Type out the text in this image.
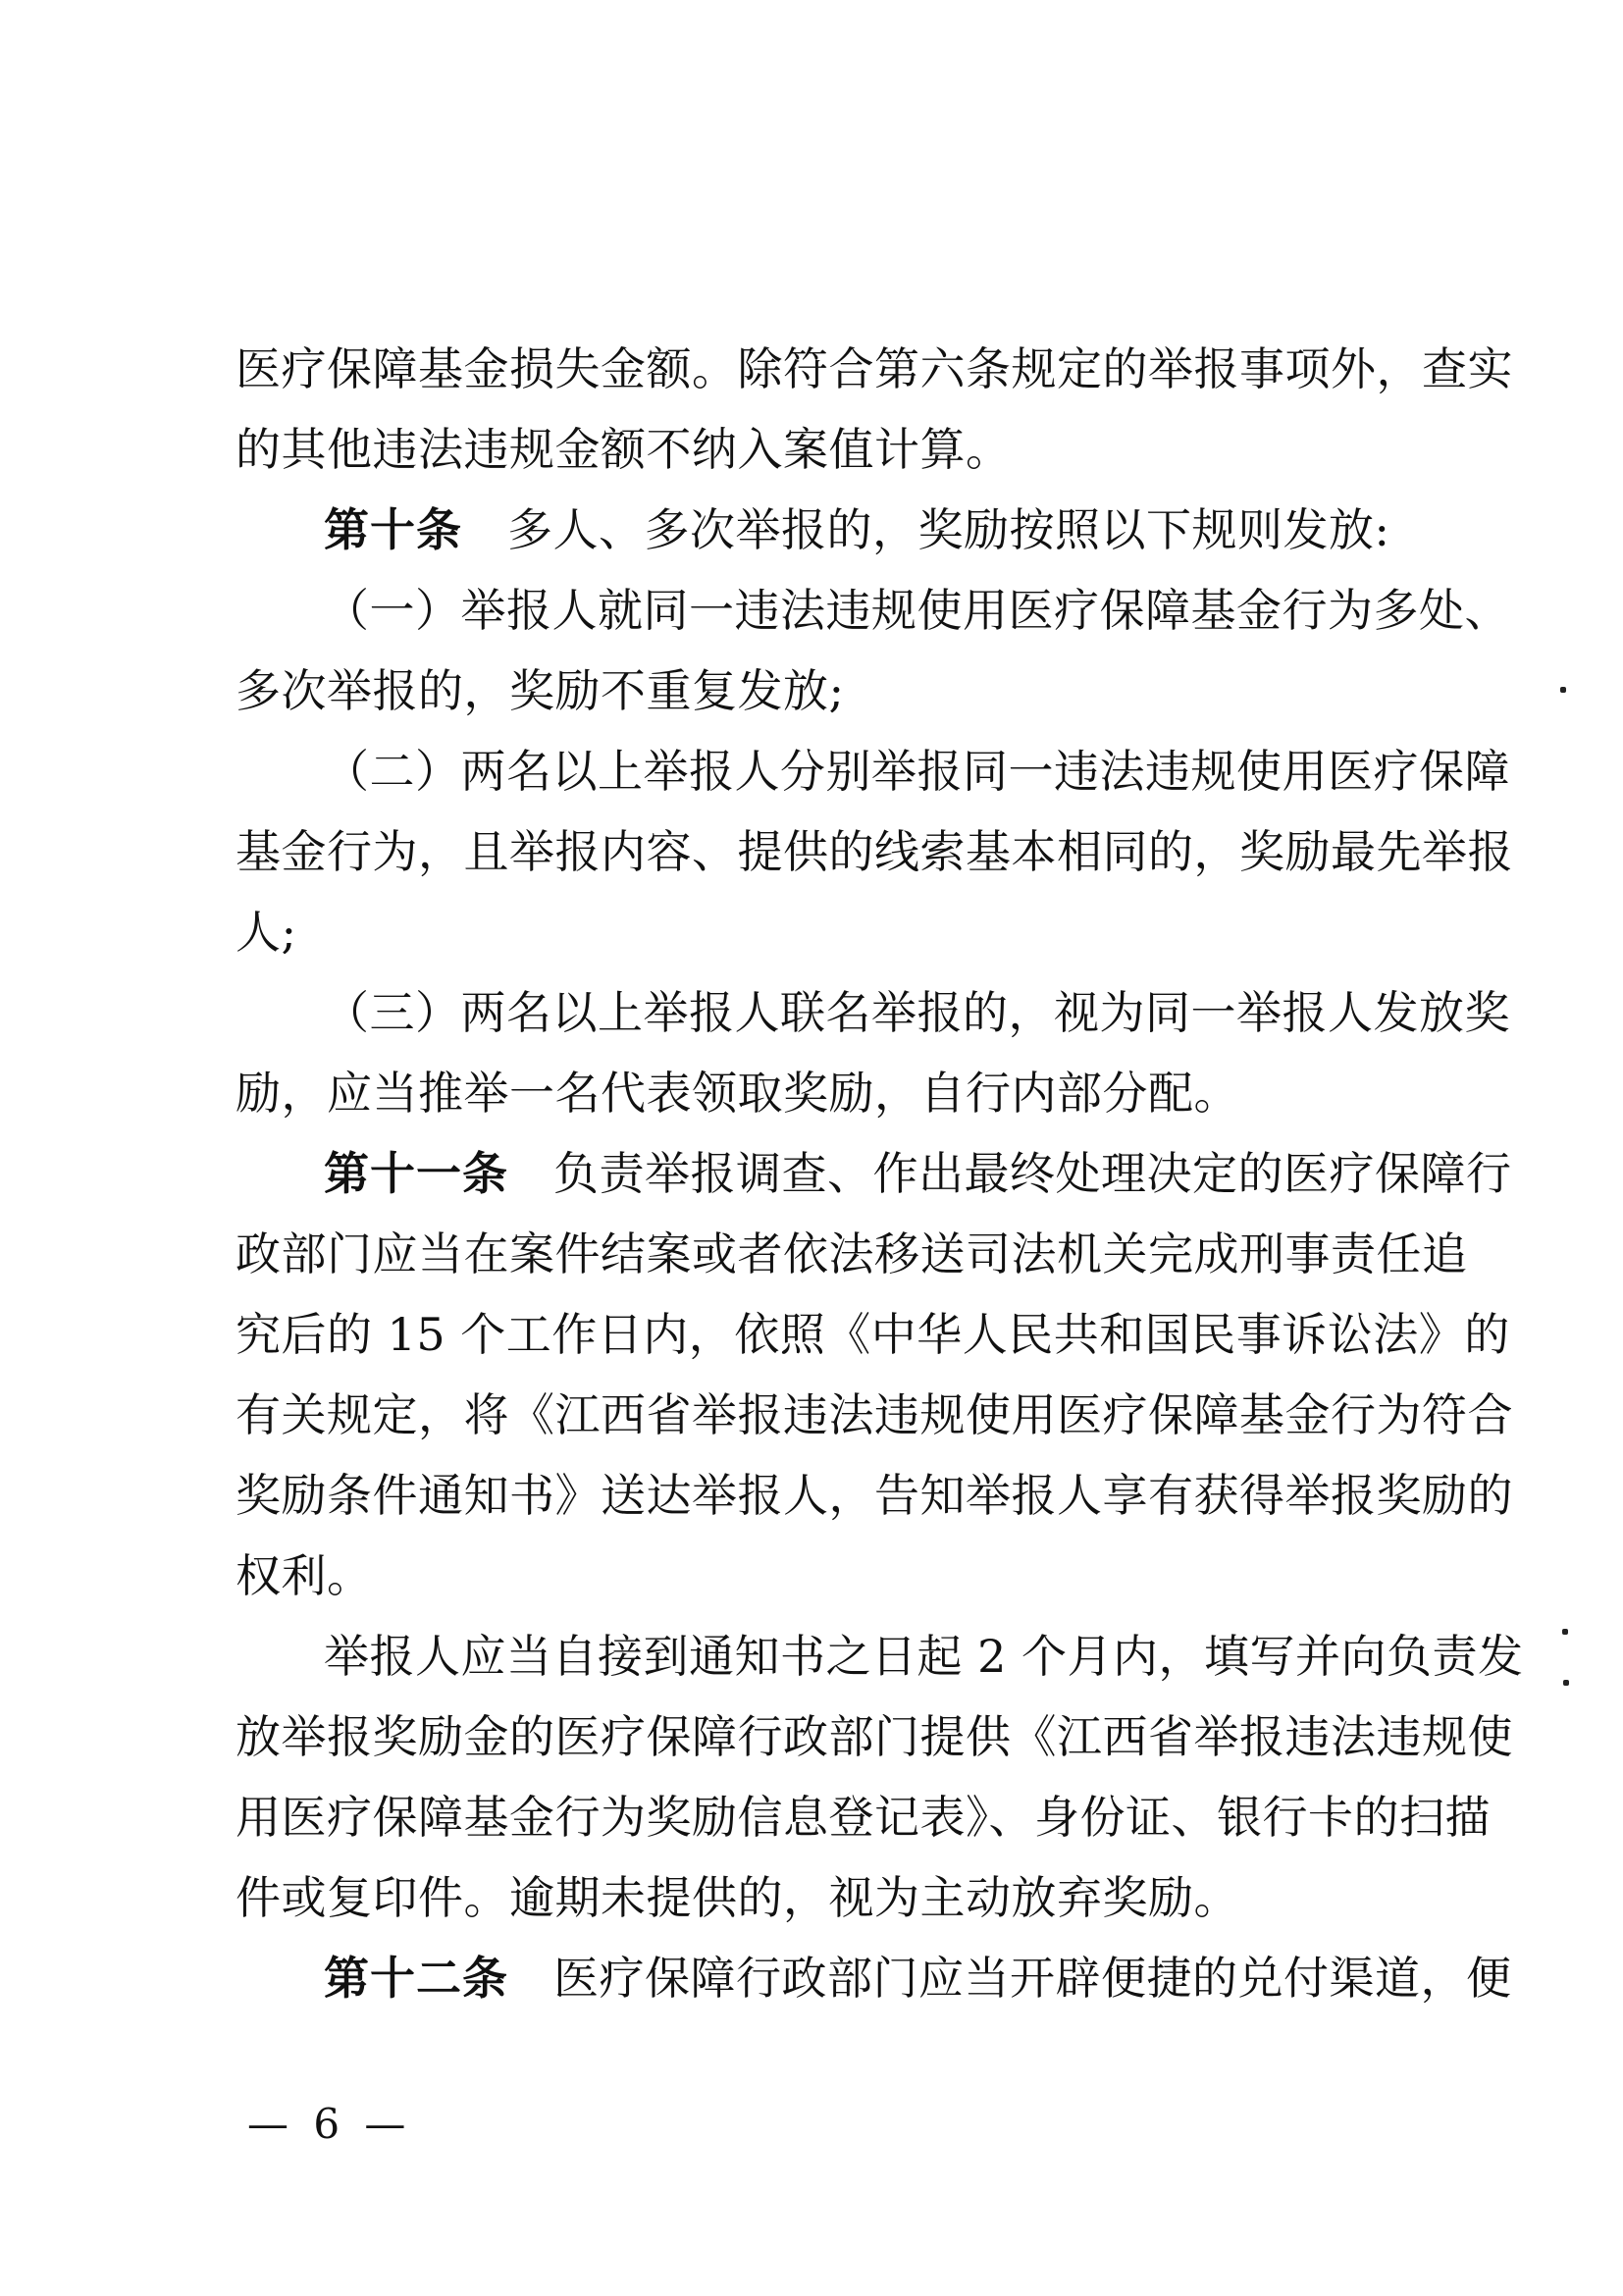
医疗保障基金损失金额。除符合第六条规定的举报事项外，查实
的其他违法违规金额不纳入案值计算。
第十条 多人、多次举报的，奖励按照以下规则发放:
（一）举报人就同一违法违规使用医疗保障基金行为多处、
多次举报的，奖励不重复发放;
（二）两名以上举报人分别举报同一违法违规使用医疗保障
基金行为，且举报内容、提供的线索基本相同的，奖励最先举报
人;
（三）两名以上举报人联名举报的，视为同一举报人发放奖
励，应当推举一名代表领取奖励，自行内部分配。
第十一条 负责举报调查、作出最终处理决定的医疗保障行
政部门应当在案件结案或者依法移送司法机关完成刑事责任追
究后的 15 个工作日内，依照《中华人民共和国民事诉讼法》的
有关规定，将《江西省举报违法违规使用医疗保障基金行为符合
奖励条件通知书》送达举报人，告知举报人享有获得举报奖励的
权利。
举报人应当自接到通知书之日起 2 个月内，填写并向负责发
放举报奖励金的医疗保障行政部门提供《江西省举报违法违规使
用医疗保障基金行为奖励信息登记表》、身份证、银行卡的扫描
件或复印件。逾期未提供的，视为主动放弃奖励。
第十二条 医疗保障行政部门应当开辟便捷的兑付渠道，便
— 6 —
